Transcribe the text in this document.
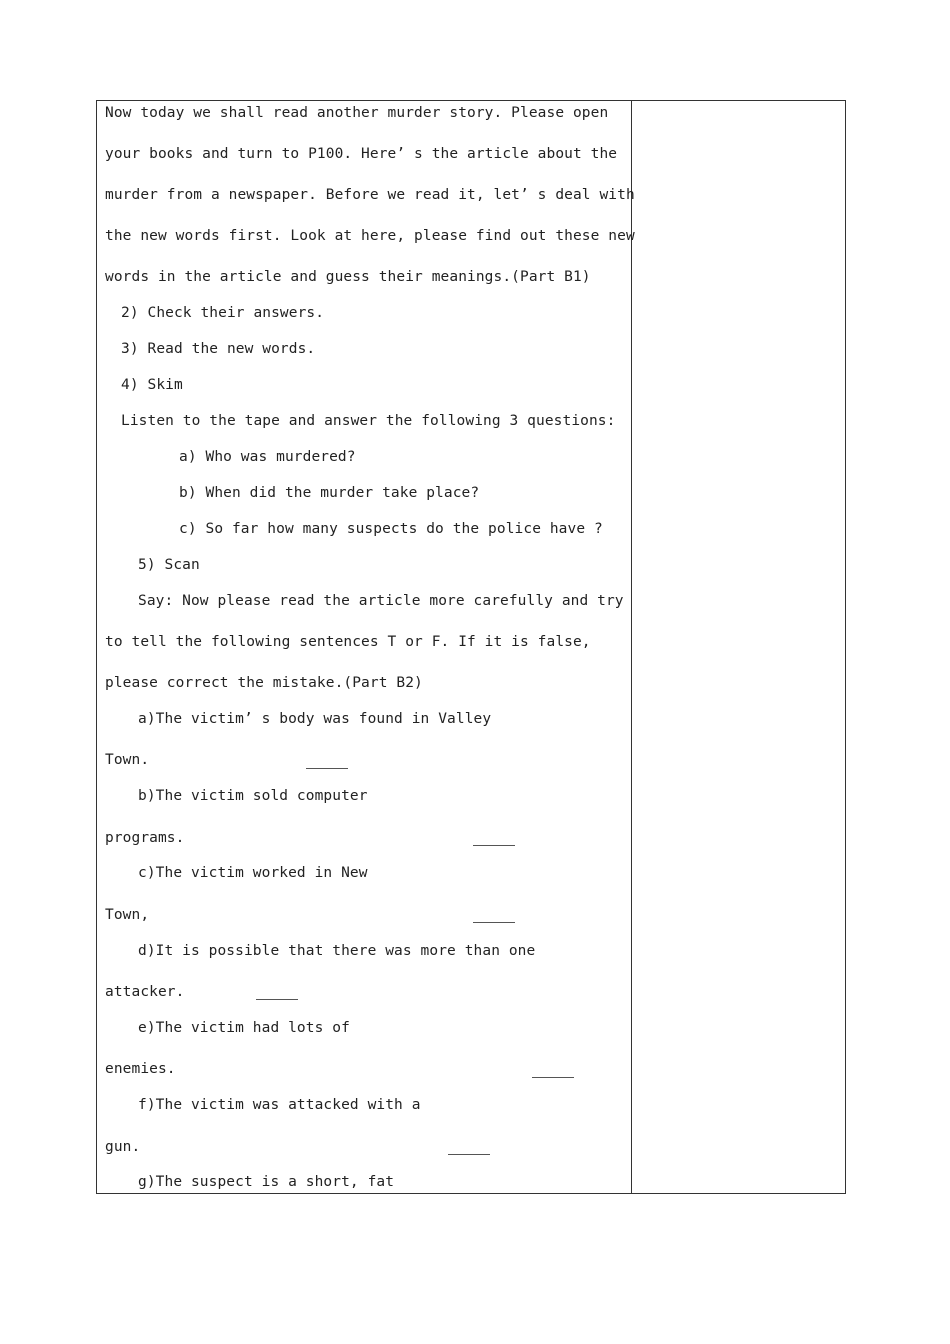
Now today we shall read another murder story. Please open
your books and turn to P100. Here’ s the article about the
murder from a newspaper. Before we read it, let’ s deal with
the new words first. Look at here, please find out these new
words in the article and guess their meanings.(Part B1)
2) Check their answers.
3) Read the new words.
4) Skim
Listen to the tape and answer the following 3 questions:
a) Who was murdered?
b) When did the murder take place?
c) So far how many suspects do the police have ?
5) Scan
Say: Now please read the article more carefully and try
to tell the following sentences T or F. If it is false,
please correct the mistake.(Part B2)
a)The victim’ s body was found in Valley
Town.
b)The victim sold computer
programs.
c)The victim worked in New
Town,
d)It is possible that there was more than one
attacker.
e)The victim had lots of
enemies.
f)The victim was attacked with a
gun.
g)The suspect is a short, fat
